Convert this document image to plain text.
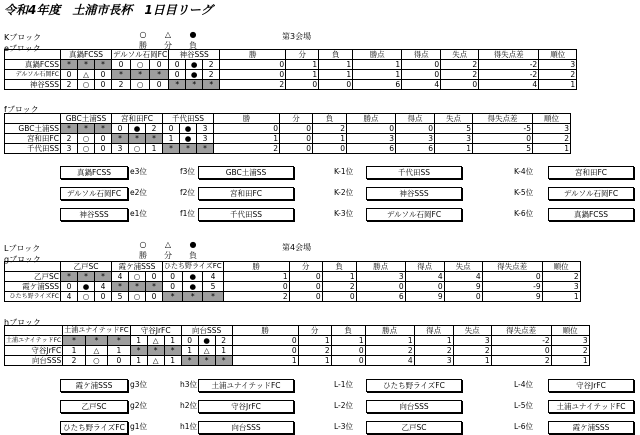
令和4年度　土浦市長杯　1日目リーグ
Kブロック
eブロック
第3会場
○	△	●
勝	分	負
	真鍋FCSS			デルソル石岡FC			神谷SSS			勝	分	負	勝点	得点	失点	得失点差	順位
真鍋FCSS	*	*	*	0	○	0	0	●	2	0	1	1	1	0	2	-2	3
デルソル石岡FC	0	△	0	*	*	*	0	●	2	0	1	1	1	0	2	-2	2
神谷SSS	2	○	0	2	○	0	*	*	*	2	0	0	6	4	0	4	1
	GBC土浦SS			宮和田FC			千代田SS			勝	分	負	勝点	得点	失点	得失点差	順位
GBC土浦SS	*	*	*	0	●	2	0	●	3	0	0	2	0	0	5	-5	3
宮和田FC	2	○	0	*	*	*	1	●	3	1	0	1	3	3	3	0	2
千代田SS	3	○	0	3	○	1	*	*	*	2	0	0	6	6	1	5	1
fブロック
真鍋FCSS	e3位	f3位	GBC土浦SS	K-1位	千代田SS	K-4位	宮和田FC
デルソル石岡FC	e2位	f2位	宮和田FC	K-2位	神谷SSS	K-5位	デルソル石岡FC
神谷SSS	e1位	f1位	千代田SS	K-3位	デルソル石岡FC	K-6位	真鍋FCSS
Lブロック
gブロック
第4会場
○	△	●
勝	分	負
	乙戸SC			霞ケ浦SSS			ひたち野ライズFC			勝	分	負	勝点	得点	失点	得失点差	順位
乙戸SC	*	*	*	4	○	0	0	●	4	1	0	1	3	4	4	0	2
霞ケ浦SSS	0	●	4	*	*	*	0	●	5	0	0	2	0	0	9	-9	3
ひたち野ライズFC	4	○	0	5	○	0	*	*	*	2	0	0	6	9	0	9	1
hブロック
	土浦ユナイテッドFC			守谷JrFC			向台SSS			勝	分	負	勝点	得点	失点	得失点差	順位
土浦ユナイテッドFC	*	*	*	1	△	1	0	●	2	0	1	1	1	1	3	-2	3
守谷JrFC	1	△	1	*	*	*	1	△	1	0	2	0	2	2	2	0	2
向台SSS	2	○	0	1	△	1	*	*	*	1	1	0	4	3	1	2	1
霞ケ浦SSS	g3位	h3位	土浦ユナイテッドFC	L-1位	ひたち野ライズFC	L-4位	守谷JrFC
乙戸SC	g2位	h2位	守谷JrFC	L-2位	向台SSS	L-5位	土浦ユナイテッドFC
ひたち野ライズFC g1位	h1位	向台SSS	L-3位	乙戸SC	L-6位	霞ケ浦SSS
